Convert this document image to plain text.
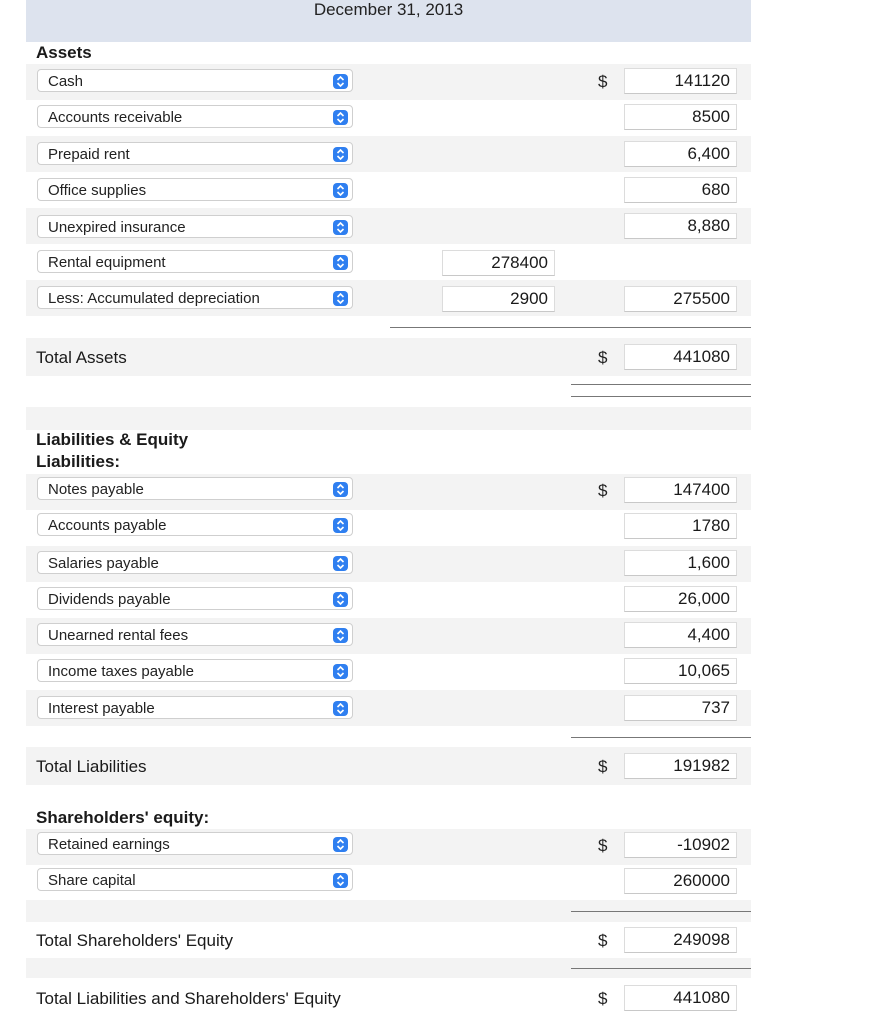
December 31, 2013
Assets
Cash	$	141120
Accounts receivable	8500
Prepaid rent	6,400
Office supplies	680
Unexpired insurance	8,880
Rental equipment	278400
Less: Accumulated depreciation	2900	275500
Total Assets	$	441080
Liabilities & Equity
Liabilities:
Notes payable	$	147400
Accounts payable	1780
Salaries payable	1,600
Dividends payable	26,000
Unearned rental fees	4,400
Income taxes payable	10,065
Interest payable	737
Total Liabilities	$	191982
Shareholders' equity:
Retained earnings	$	-10902
Share capital	260000
Total Shareholders' Equity	$	249098
Total Liabilities and Shareholders' Equity	$	441080
